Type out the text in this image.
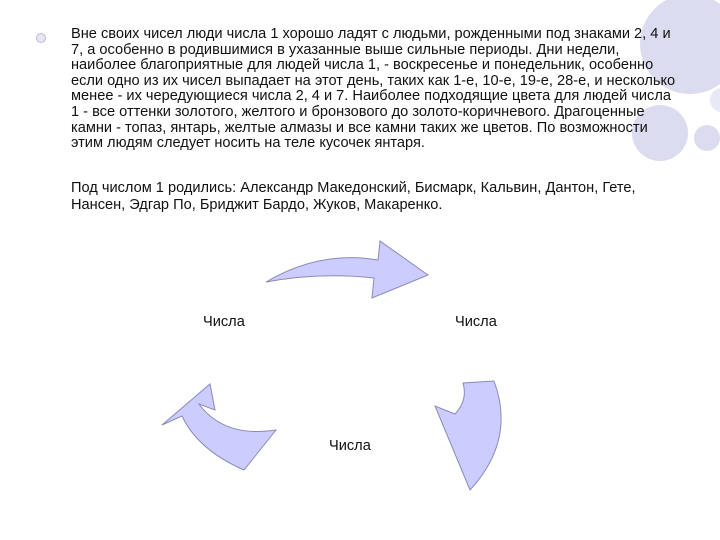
Вне своих чисел люди числа 1 хорошо ладят с людьми, рожденными под знаками 2, 4 и 7, а особенно в родившимися в ухазанные выше сильные периоды. Дни недели, наиболее благоприятные для людей числа 1, - воскресенье и понедельник, особенно если одно из их чисел выпадает на этот день, таких как 1-е, 10-е, 19-е, 28-е, и несколько менее - их чередующиеся числа 2, 4 и 7. Наиболее подходящие цвета для людей числа 1 - все оттенки золотого, желтого и бронзового до золото-коричневого. Драгоценные камни - топаз, янтарь, желтые алмазы и все камни таких же цветов. По возможности этим людям следует носить на теле кусочек янтаря.

Под числом 1 родились: Александр Македонский, Бисмарк, Кальвин, Дантон, Гете, Нансен, Эдгар По, Бриджит Бардо, Жуков, Макаренко.

Числа	Числа
Числа
